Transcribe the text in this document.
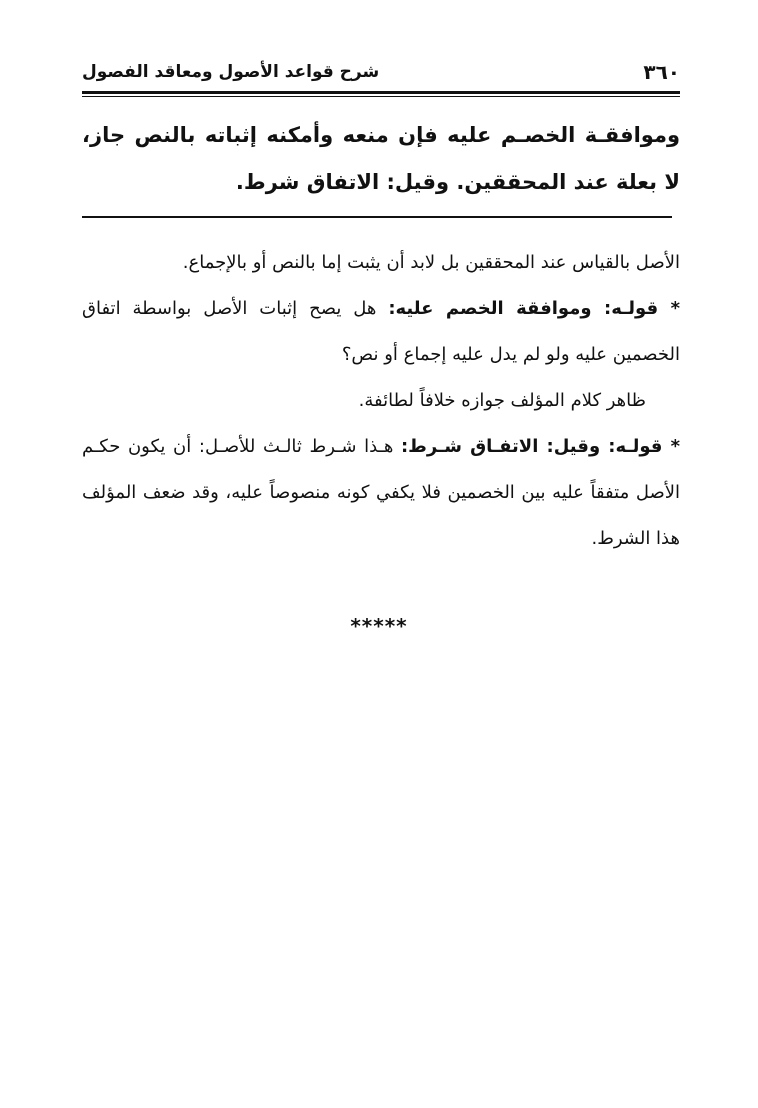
٣٦٠
شرح قواعد الأصول ومعاقد الفصول
وموافقـة الخصـم عليه فإن منعه وأمكنه إثباته بالنص جاز، لا بعلة عند المحققين. وقيل: الاتفاق شرط.

الأصل بالقياس عند المحققين بل لابد أن يثبت إما بالنص أو بالإجماع.

* قولـه: وموافقة الخصم عليه: هل يصح إثبات الأصل بواسطة اتفاق الخصمين عليه ولو لم يدل عليه إجماع أو نص؟

ظاهر كلام المؤلف جوازه خلافاً لطائفة.

* قولـه: وقيل: الاتفـاق شـرط: هـذا شـرط ثالـث للأصـل: أن يكون حكـم الأصل متفقاً عليه بين الخصمين فلا يكفي كونه منصوصاً عليه، وقد ضعف المؤلف هذا الشرط.

*****
